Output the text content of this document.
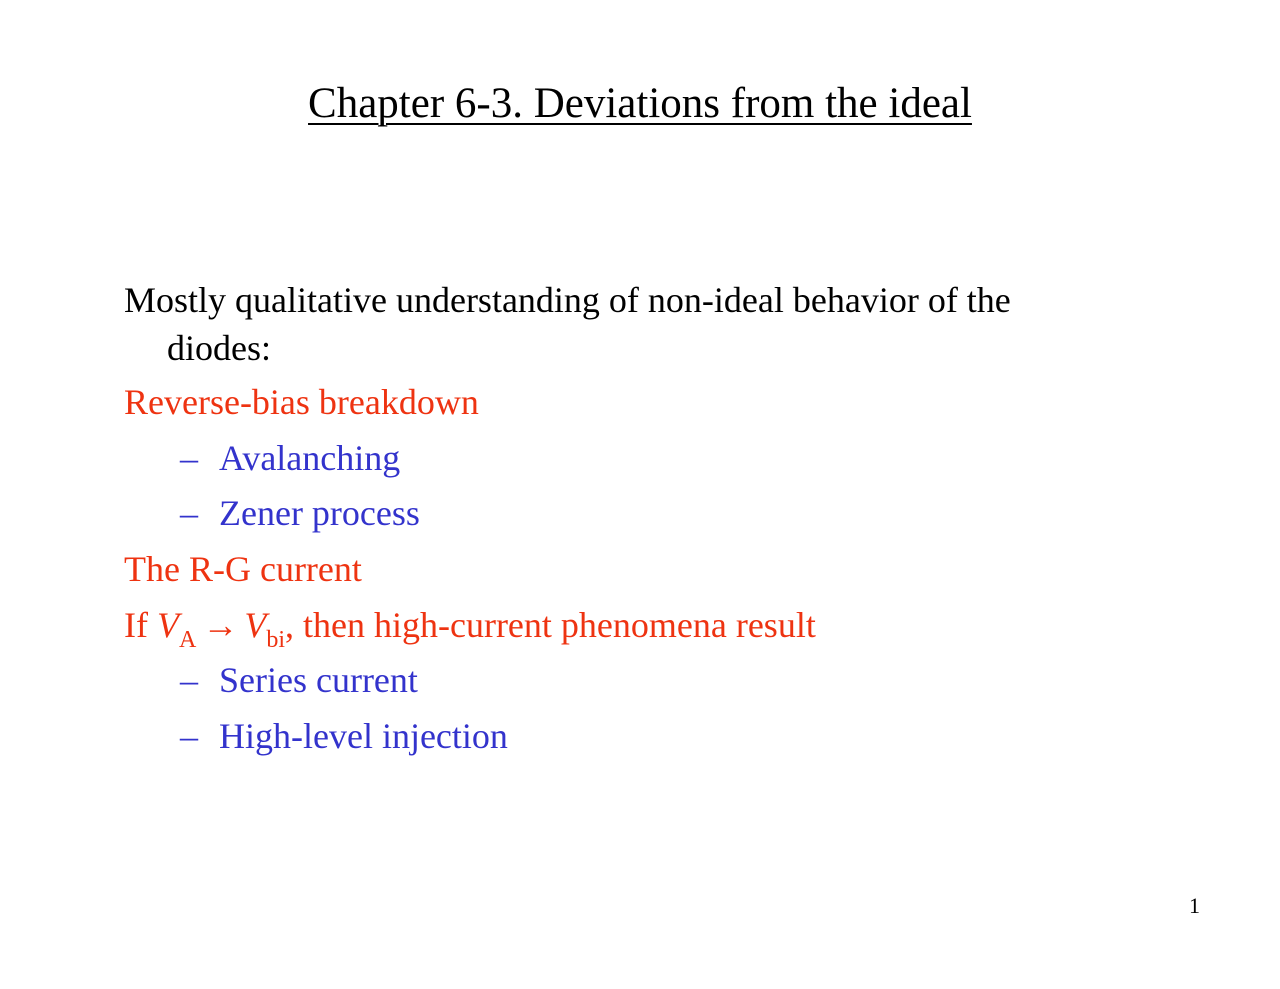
Chapter 6-3. Deviations from the ideal
Mostly qualitative understanding of non-ideal behavior of the
diodes:
Reverse-bias breakdown
– Avalanching
– Zener process
The R-G current
If $V_A \to V_{bi}$, then high-current phenomena result
– Series current
– High-level injection
1
